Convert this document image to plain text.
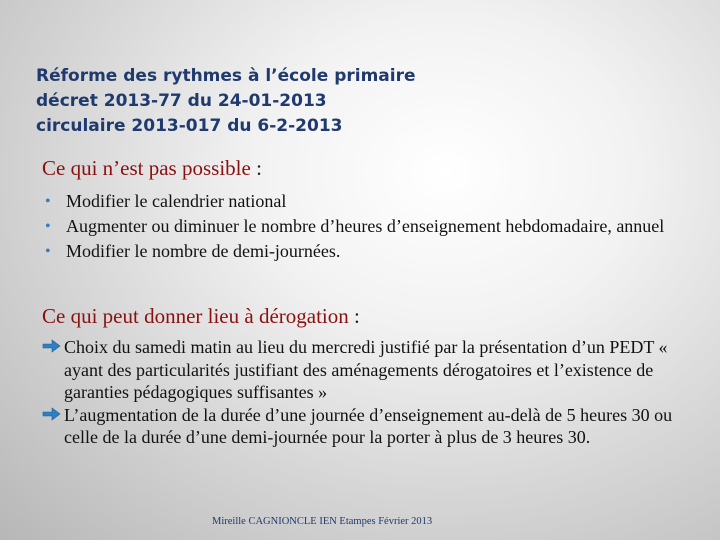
Réforme des rythmes à l’école primaire
décret 2013-77 du 24-01-2013
circulaire 2013-017 du 6-2-2013
Ce qui n’est pas possible :
• Modifier le calendrier national
• Augmenter ou diminuer le nombre d’heures d’enseignement hebdomadaire, annuel
• Modifier le nombre de demi-journées.
Ce qui peut donner lieu à dérogation :
Choix du samedi matin au lieu du mercredi justifié par la présentation d’un PEDT « ayant des particularités justifiant des aménagements dérogatoires et l’existence de garanties pédagogiques suffisantes »
L’augmentation de la durée d’une journée d’enseignement au-delà de 5 heures 30 ou celle de la durée d’une demi-journée pour la porter à plus de 3 heures 30.
Mireille CAGNIONCLE IEN Etampes Février 2013
